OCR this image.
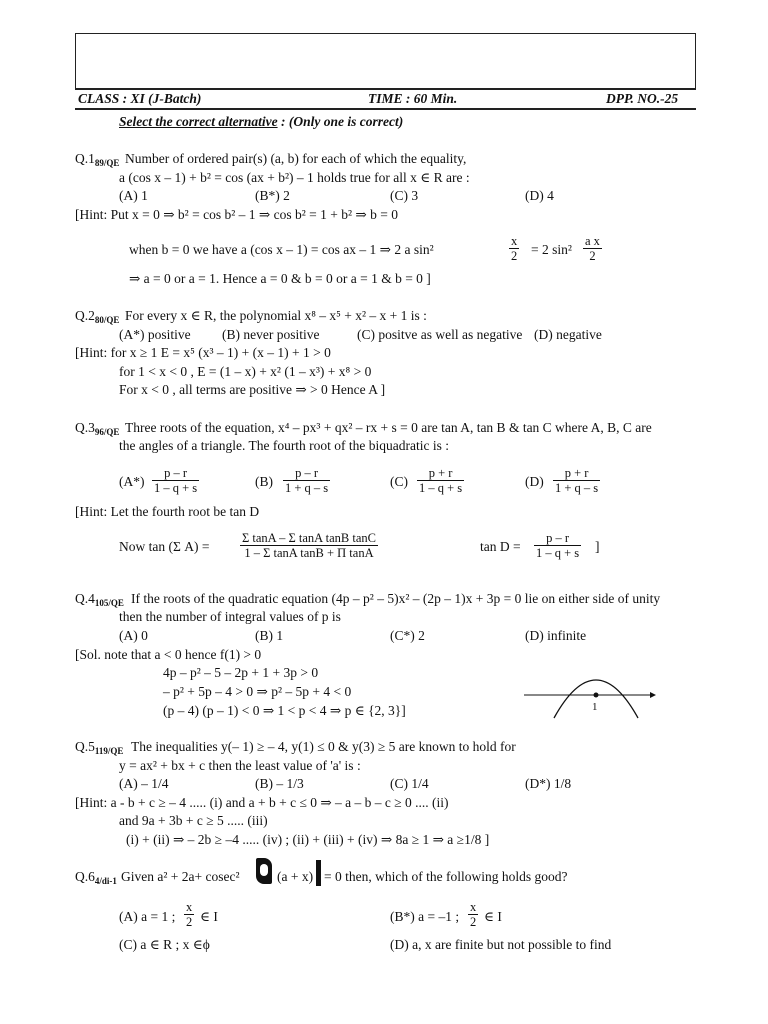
CLASS : XI (J-Batch)	TIME : 60 Min.	DPP. NO.-25
Select the correct alternative : (Only one is correct)
$Q.1_{89/QE}$ Number of ordered pair(s) (a, b) for each of which the equality,
a (cos x – 1) + b² = cos (ax + b²) – 1 holds true for all x ∈ R are :
(A) 1	(B*) 2	(C) 3	(D) 4
[Hint: Put x = 0 ⇒ b² = cos b² – 1 ⇒ cos b² = 1 + b² ⇒ b = 0
when b = 0 we have a (cos x – 1) = cos ax – 1 ⇒ 2 a sin²	$\frac{x}{2} = 2$ $\sin^2 \frac{\text{a x}}{2}$
⇒ a = 0 or a = 1. Hence a = 0 & b = 0 or a = 1 & b = 0 ]
$Q.2_{80/QE}$ For every x ∈ R, the polynomial x⁸ – x⁵ + x² – x + 1 is :
(A*) positive (B) never positive	(C) positve as well as negative (D) negative
[Hint: for x ≥ 1 E = x⁵ (x³ – 1) + (x – 1) + 1 > 0
for 1 < x < 0 , E = (1 – x) + x² (1 – x³) + x⁸ > 0
For x < 0 , all terms are positive ⇒ > 0 Hence A ]
$Q.3_{96/QE}$ Three roots of the equation, x⁴ – px³ + qx² – rx + s = 0 are tan A, tan B & tan C where A, B, C are
the angles of a triangle. The fourth root of the biquadratic is :
$(A*) \frac{p - r}{1 - q + s}$	$(B) \frac{p - r}{1 + q - s}$	$(C) \frac{p + r}{1 - q + s}$	$(D) \frac{p + r}{1 + q - s}$
[Hint: Let the fourth root be tan D
Now tan (Σ $A) = \frac{\text{Σ tanA – Σ tanA tanB tanC}}{\text{1 – Σ tanA tanB + Π tanA}}$	$\tan D = \frac{p - r}{1 - q + s}$ ]
$Q.4_{105/QE}$ If the roots of the quadratic equation (4p – p² – 5)x² – (2p – 1)x + 3p = 0 lie on either side of unity
then the number of integral values of p is
(A) 0	(B) 1	(C*) 2	(D) infinite
[Sol. note that a < 0 hence f(1) > 0
4p – p² – 5 – 2p + 1 + 3p > 0
– p² + 5p – 4 > 0 ⇒ p² – 5p + 4 < 0
(p – 4) (p – 1) < 0 ⇒ 1 < p < 4 ⇒ p ∈ {2, 3}]	1
$Q.5_{119/QE}$ The inequalities y(– 1) ≥ – 4, y(1) ≤ 0 & y(3) ≥ 5 are known to hold for
y = ax² + bx + c then the least value of 'a' is :
(A) – 1/4	(B) – 1/3	(C) 1/4	(D*) 1/8
[Hint: a - b + c ≥ – 4 ..... (i) and a + b + c ≤ 0 ⇒ – a – b – c ≥ 0 .... (ii)
and 9a + 3b + c ≥ 5 ..... (iii)
(i) + (ii) ⇒ – 2b ≥ –4 ..... (iv) ; (ii) + (iii) + (iv) ⇒ 8a ≥ 1 ⇒ a ≥1/8 ]
$Q.6_{4/di-1}$ Given a² + 2a+ cosec²	(a + x) = 0 then, which of the following holds good?
(A) a = 1 ; $\frac{x}{2}$ ∈ I	(B*) a = –1 ; $\frac{x}{2}$ ∈ I
(C) a ∈ R ; x ∈ϕ	(D) a, x are finite but not possible to find
